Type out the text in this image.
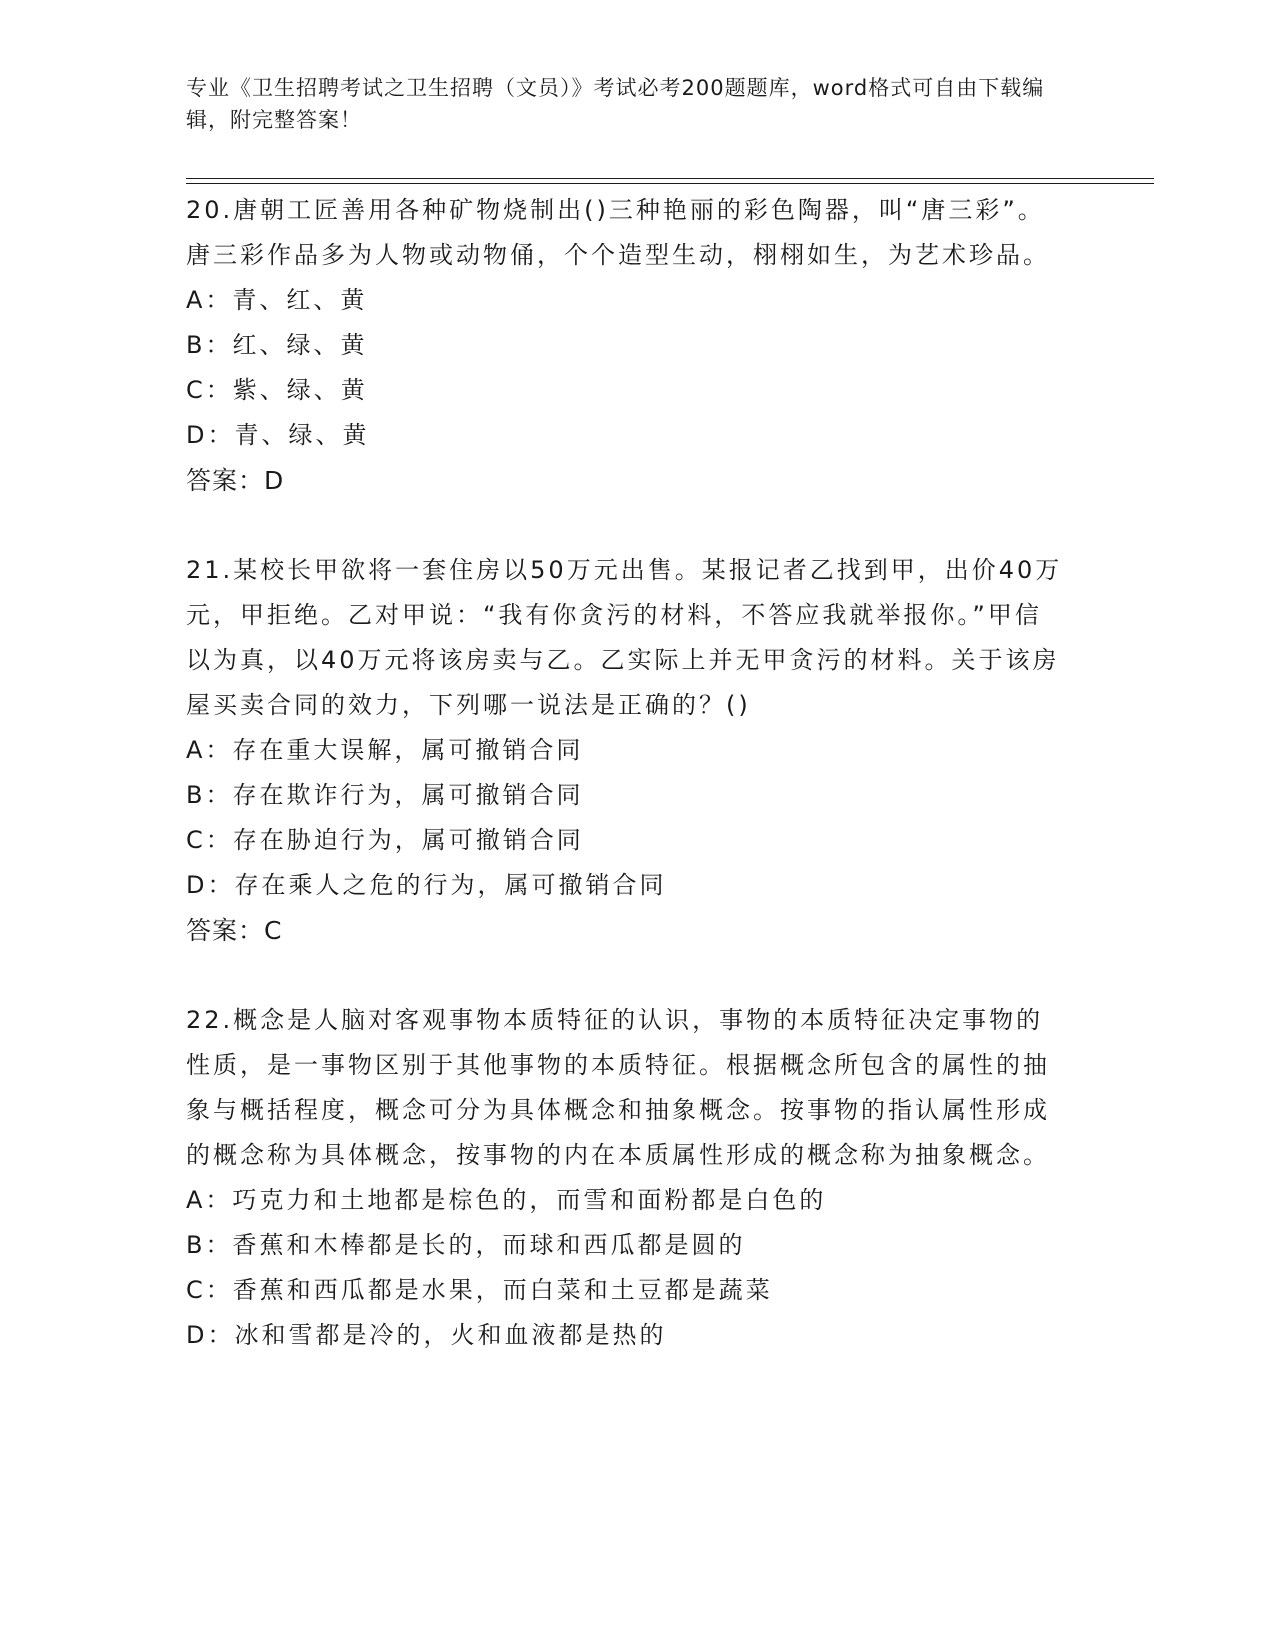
专业《卫生招聘考试之卫生招聘（文员）》考试必考200题题库，word格式可自由下载编辑，附完整答案！

20.唐朝工匠善用各种矿物烧制出()三种艳丽的彩色陶器，叫“唐三彩”。唐三彩作品多为人物或动物俑，个个造型生动，栩栩如生，为艺术珍品。

A：青、红、黄

B：红、绿、黄

C：紫、绿、黄

D：青、绿、黄

答案：D

21.某校长甲欲将一套住房以50万元出售。某报记者乙找到甲，出价40万元，甲拒绝。乙对甲说：“我有你贪污的材料，不答应我就举报你。”甲信以为真，以40万元将该房卖与乙。乙实际上并无甲贪污的材料。关于该房屋买卖合同的效力，下列哪一说法是正确的？()

A：存在重大误解，属可撤销合同

B：存在欺诈行为，属可撤销合同

C：存在胁迫行为，属可撤销合同

D：存在乘人之危的行为，属可撤销合同

答案：C

22.概念是人脑对客观事物本质特征的认识，事物的本质特征决定事物的性质，是一事物区别于其他事物的本质特征。根据概念所包含的属性的抽象与概括程度，概念可分为具体概念和抽象概念。按事物的指认属性形成的概念称为具体概念，按事物的内在本质属性形成的概念称为抽象概念。

A：巧克力和土地都是棕色的，而雪和面粉都是白色的

B：香蕉和木棒都是长的，而球和西瓜都是圆的

C：香蕉和西瓜都是水果，而白菜和土豆都是蔬菜

D：冰和雪都是冷的，火和血液都是热的
